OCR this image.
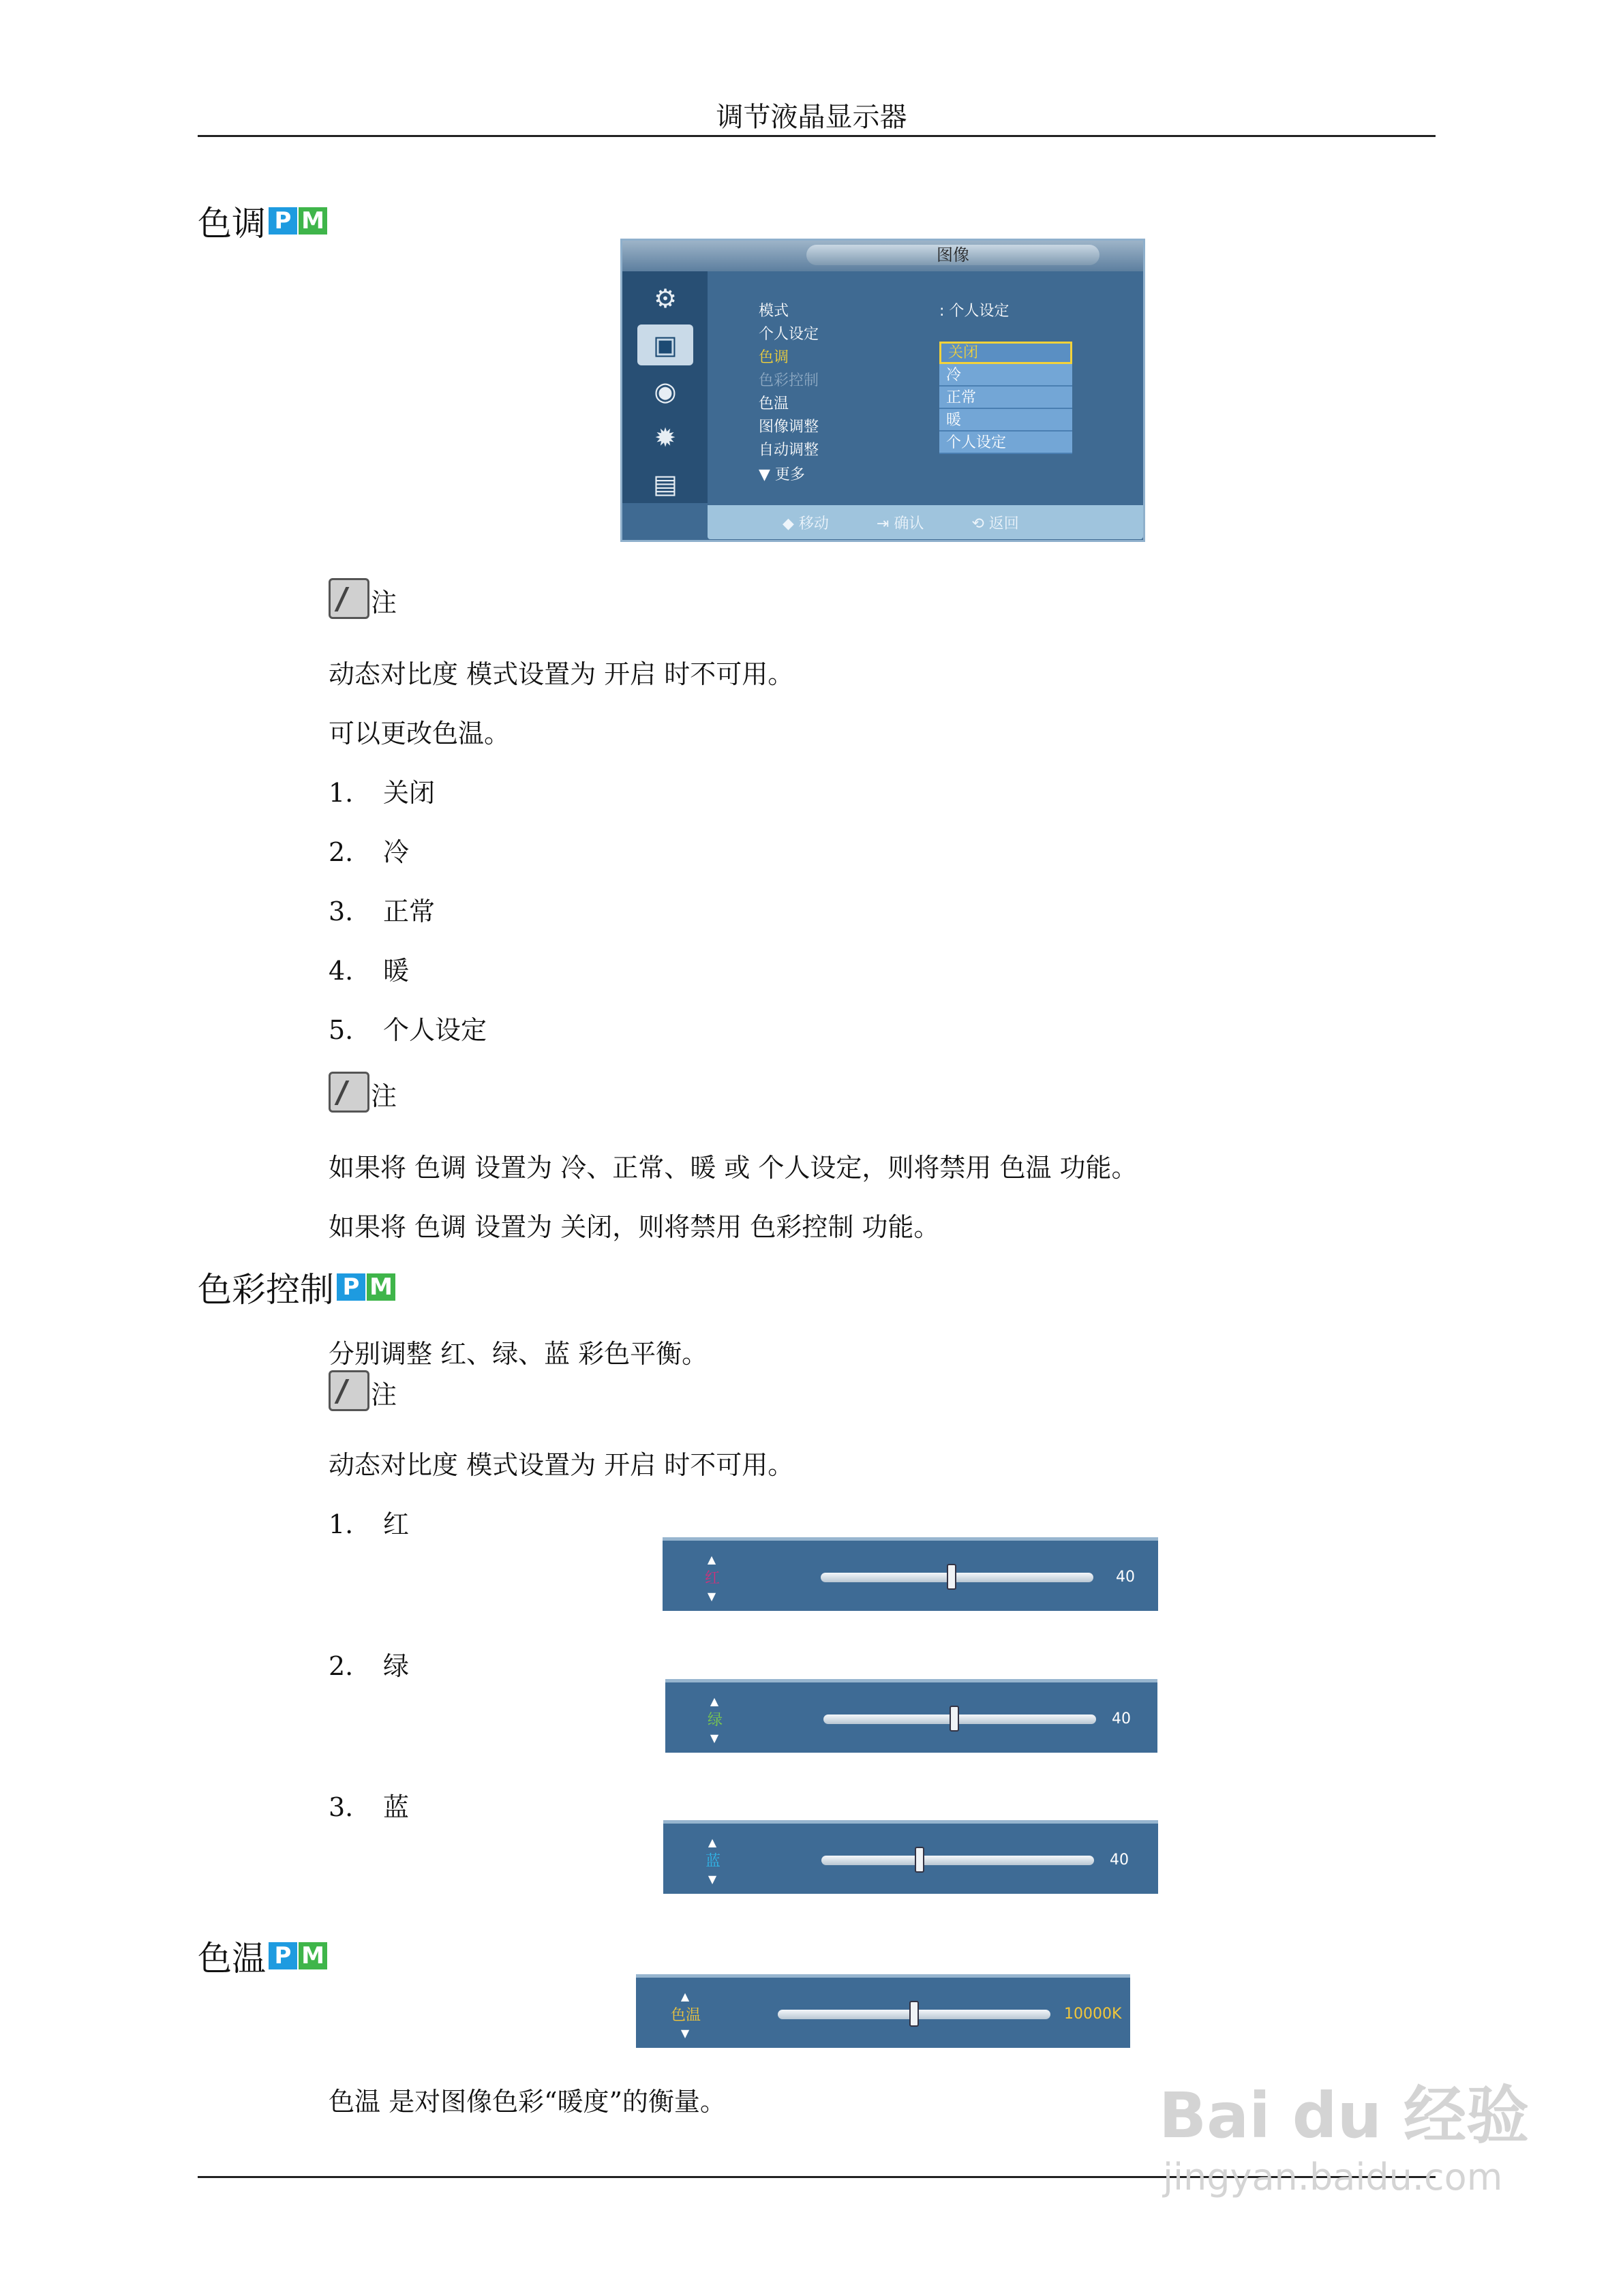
调节液晶显示器
色调 P M
图像
⚙
▣
◉
✹
▤
模式	: 个人设定
个人设定
色调
色彩控制
色温
图像调整
自动调整
▼ 更多
关闭
冷
正常
暖
个人设定
◆ 移动	⇥ 确认	⟲ 返回
注
动态对比度 模式设置为 开启 时不可用。
可以更改色温。
1. 关闭
2. 冷
3. 正常
4. 暖
5. 个人设定
注
如果将 色调 设置为 冷、正常、暖 或 个人设定，则将禁用 色温 功能。
如果将 色调 设置为 关闭，则将禁用 色彩控制 功能。
色彩控制 P M
分别调整 红、绿、蓝 彩色平衡。
注
动态对比度 模式设置为 开启 时不可用。
1. 红
▲
红
▼
40
2. 绿
▲
绿
▼
40
3. 蓝
▲
蓝
▼
40
色温 P M
▲
色温
▼
10000K
色温 是对图像色彩“暖度”的衡量。	Bai du 经验
jingyan.baidu.com
